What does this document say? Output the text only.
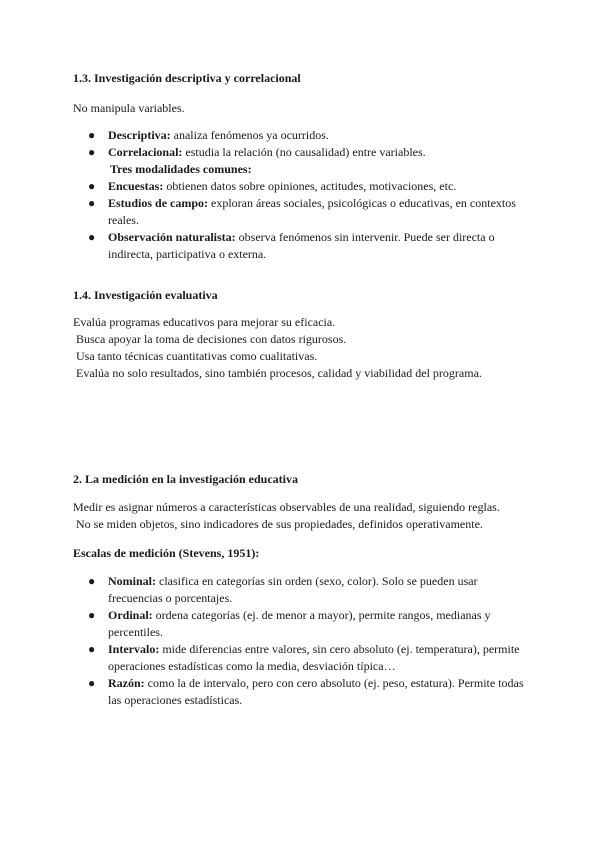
1.3. Investigación descriptiva y correlacional

No manipula variables.

● Descriptiva: analiza fenómenos ya ocurridos.
● Correlacional: estudia la relación (no causalidad) entre variables.

Tres modalidades comunes:

● Encuestas: obtienen datos sobre opiniones, actitudes, motivaciones, etc.
● Estudios de campo: exploran áreas sociales, psicológicas o educativas, en contextos reales.
● Observación naturalista: observa fenómenos sin intervenir. Puede ser directa o indirecta, participativa o externa.
1.4. Investigación evaluativa

Evalúa programas educativos para mejorar su eficacia.

Busca apoyar la toma de decisiones con datos rigurosos.

Usa tanto técnicas cuantitativas como cualitativas.

Evalúa no solo resultados, sino también procesos, calidad y viabilidad del programa.

2. La medición en la investigación educativa

Medir es asignar números a características observables de una realidad, siguiendo reglas.

No se miden objetos, sino indicadores de sus propiedades, definidos operativamente.

Escalas de medición (Stevens, 1951):
● Nominal: clasifica en categorías sin orden (sexo, color). Solo se pueden usar frecuencias o porcentajes.
● Ordinal: ordena categorías (ej. de menor a mayor), permite rangos, medianas y percentiles.
● Intervalo: mide diferencias entre valores, sin cero absoluto (ej. temperatura), permite operaciones estadísticas como la media, desviación típica…
● Razón: como la de intervalo, pero con cero absoluto (ej. peso, estatura). Permite todas las operaciones estadísticas.
